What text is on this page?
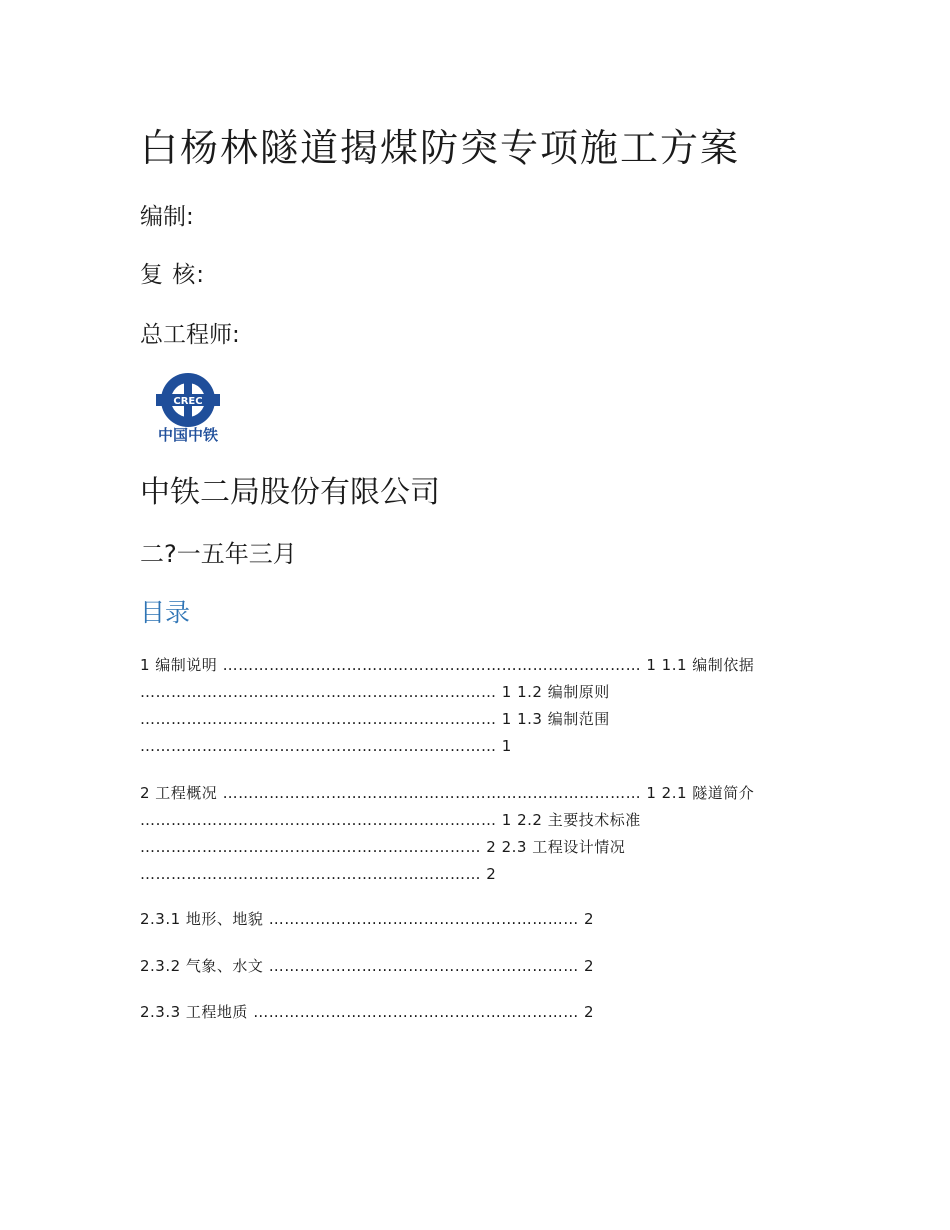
白杨林隧道揭煤防突专项施工方案
编制:
复 核:
总工程师:
CREC
中国中铁
中铁二局股份有限公司
二?一五年三月
目录
1 编制说明 ……………………………………………………………………… 1 1.1 编制依据
…………………………………………………………… 1 1.2 编制原则
…………………………………………………………… 1 1.3 编制范围
…………………………………………………………… 1
2 工程概况 ……………………………………………………………………… 1 2.1 隧道简介
…………………………………………………………… 1 2.2 主要技术标准
………………………………………………………… 2 2.3 工程设计情况
………………………………………………………… 2
2.3.1 地形、地貌 …………………………………………………… 2
2.3.2 气象、水文 …………………………………………………… 2
2.3.3 工程地质 ……………………………………………………… 2
